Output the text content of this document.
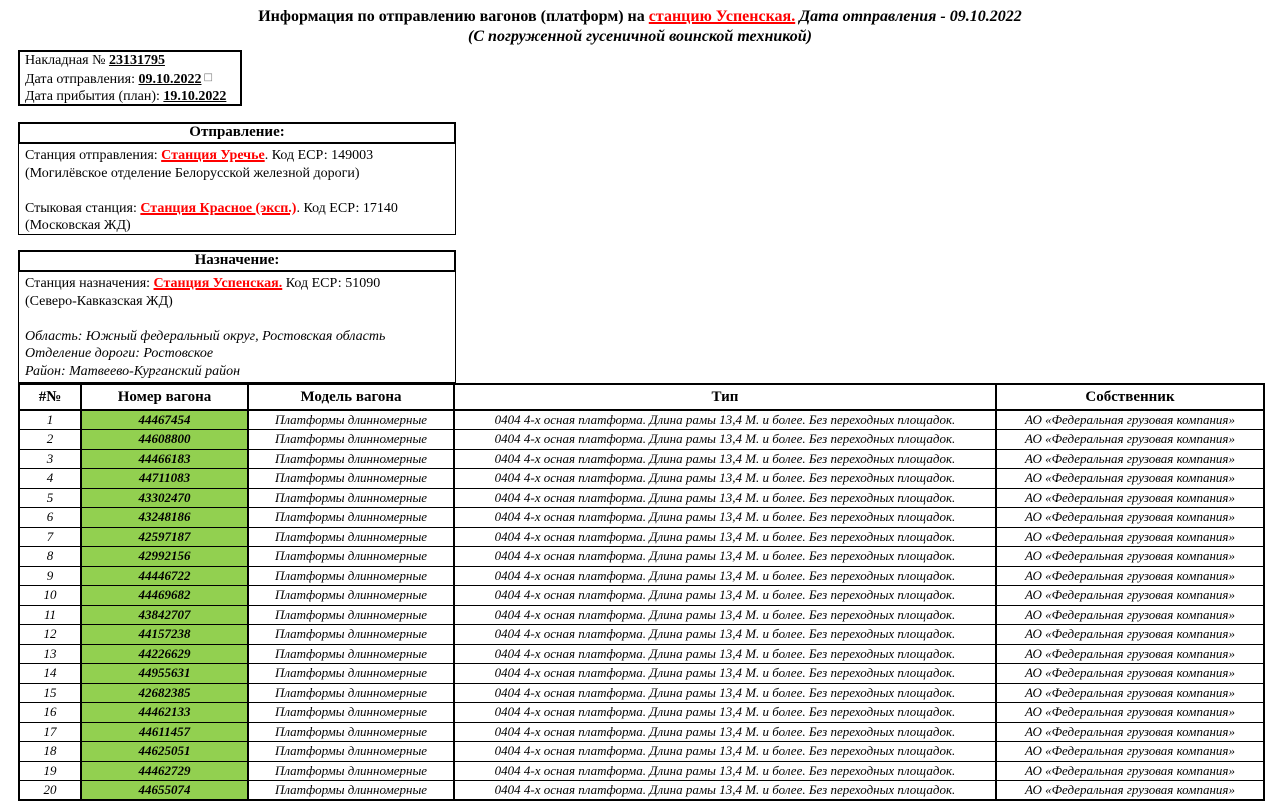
Информация по отправлению вагонов (платформ) на станцию Успенская. Дата отправления - 09.10.2022
(С погруженной гусеничной воинской техникой)
Накладная № 23131795
Дата отправления: 09.10.2022 □
Дата прибытия (план): 19.10.2022
Отправление:
Станция отправления: Станция Уречье. Код ЕСР: 149003
(Могилёвское отделение Белорусской железной дороги)
Стыковая станция: Станция Красное (эксп.). Код ЕСР: 17140
(Московская ЖД)
Назначение:
Станция назначения: Станция Успенская. Код ЕСР: 51090
(Северо-Кавказская ЖД)
Область: Южный федеральный округ, Ростовская область
Отделение дороги: Ростовское
Район: Матвеево-Курганский район
#№	Номер вагона	Модель вагона	Тип	Собственник
1	44467454	Платформы длинномерные	0404 4-х осная платформа. Длина рамы 13,4 М. и более. Без переходных площадок.	АО «Федеральная грузовая компания»
2	44608800	Платформы длинномерные	0404 4-х осная платформа. Длина рамы 13,4 М. и более. Без переходных площадок.	АО «Федеральная грузовая компания»
3	44466183	Платформы длинномерные	0404 4-х осная платформа. Длина рамы 13,4 М. и более. Без переходных площадок.	АО «Федеральная грузовая компания»
4	44711083	Платформы длинномерные	0404 4-х осная платформа. Длина рамы 13,4 М. и более. Без переходных площадок.	АО «Федеральная грузовая компания»
5	43302470	Платформы длинномерные	0404 4-х осная платформа. Длина рамы 13,4 М. и более. Без переходных площадок.	АО «Федеральная грузовая компания»
6	43248186	Платформы длинномерные	0404 4-х осная платформа. Длина рамы 13,4 М. и более. Без переходных площадок.	АО «Федеральная грузовая компания»
7	42597187	Платформы длинномерные	0404 4-х осная платформа. Длина рамы 13,4 М. и более. Без переходных площадок.	АО «Федеральная грузовая компания»
8	42992156	Платформы длинномерные	0404 4-х осная платформа. Длина рамы 13,4 М. и более. Без переходных площадок.	АО «Федеральная грузовая компания»
9	44446722	Платформы длинномерные	0404 4-х осная платформа. Длина рамы 13,4 М. и более. Без переходных площадок.	АО «Федеральная грузовая компания»
10	44469682	Платформы длинномерные	0404 4-х осная платформа. Длина рамы 13,4 М. и более. Без переходных площадок.	АО «Федеральная грузовая компания»
11	43842707	Платформы длинномерные	0404 4-х осная платформа. Длина рамы 13,4 М. и более. Без переходных площадок.	АО «Федеральная грузовая компания»
12	44157238	Платформы длинномерные	0404 4-х осная платформа. Длина рамы 13,4 М. и более. Без переходных площадок.	АО «Федеральная грузовая компания»
13	44226629	Платформы длинномерные	0404 4-х осная платформа. Длина рамы 13,4 М. и более. Без переходных площадок.	АО «Федеральная грузовая компания»
14	44955631	Платформы длинномерные	0404 4-х осная платформа. Длина рамы 13,4 М. и более. Без переходных площадок.	АО «Федеральная грузовая компания»
15	42682385	Платформы длинномерные	0404 4-х осная платформа. Длина рамы 13,4 М. и более. Без переходных площадок.	АО «Федеральная грузовая компания»
16	44462133	Платформы длинномерные	0404 4-х осная платформа. Длина рамы 13,4 М. и более. Без переходных площадок.	АО «Федеральная грузовая компания»
17	44611457	Платформы длинномерные	0404 4-х осная платформа. Длина рамы 13,4 М. и более. Без переходных площадок.	АО «Федеральная грузовая компания»
18	44625051	Платформы длинномерные	0404 4-х осная платформа. Длина рамы 13,4 М. и более. Без переходных площадок.	АО «Федеральная грузовая компания»
19	44462729	Платформы длинномерные	0404 4-х осная платформа. Длина рамы 13,4 М. и более. Без переходных площадок.	АО «Федеральная грузовая компания»
20	44655074	Платформы длинномерные	0404 4-х осная платформа. Длина рамы 13,4 М. и более. Без переходных площадок.	АО «Федеральная грузовая компания»
